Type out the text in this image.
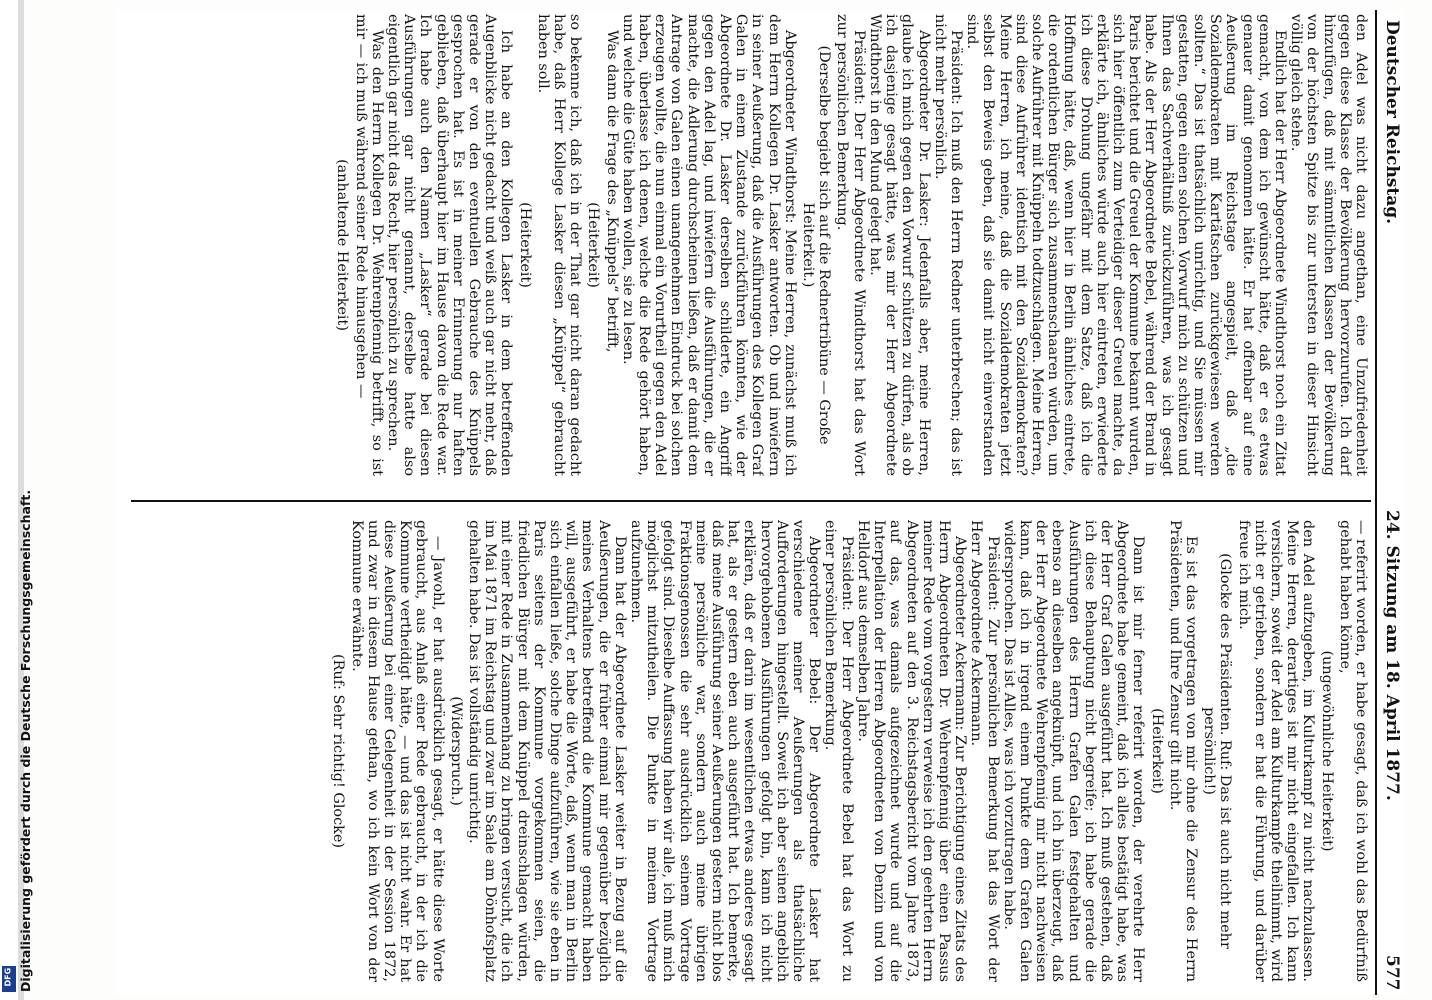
DFG Digitalisierung gefördert durch die Deutsche Forschungsgemeinschaft.
Deutscher Reichstag.
24. Sitzung am 18. April 1877.
577

den Adel was nicht dazu angethan, eine Unzufriedenheit gegen diese Klasse der Bevölkerung hervorzurufen. Ich darf hinzufügen, daß mit sämmtlichen Klassen der Bevölkerung von der höchsten Spitze bis zur untersten in dieser Hinsicht völlig gleich stehe.

Endlich hat der Herr Abgeordnete Windthorst noch ein Zitat gemacht, von dem ich gewünscht hätte, daß er es etwas genauer damit genommen hätte. Er hat offenbar auf eine Aeußerung im Reichstage angespielt, daß „die Sozialdemokraten mit Kartätschen zurückgewiesen werden sollten.“ Das ist thatsächlich unrichtig, und Sie müssen mir gestatten, gegen einen solchen Vorwurf mich zu schützen und Ihnen das Sachverhältniß zurückzuführen, was ich gesagt habe. Als der Herr Abgeordnete Bebel, während der Brand in Paris berichtet und die Greuel der Kommune bekannt wurden, sich hier öffentlich zum Verteidiger dieser Greuel machte, da erklärte ich, ähnliches würde auch hier eintreten, erwiederte ich diese Drohung ungefähr mit dem Satze, daß ich die Hoffnung hätte, daß, wenn hier in Berlin ähnliches eintrete, die ordentlichen Bürger sich zusammenschaaren würden, um solche Aufrührer mit Knüppeln todtzuschlagen. Meine Herren, sind diese Aufrührer identisch mit den Sozialdemokraten? Meine Herren, ich meine, daß die Sozialdemokraten jetzt selbst den Beweis geben, daß sie damit nicht einverstanden sind.

Präsident: Ich muß den Herrn Redner unterbrechen; das ist nicht mehr persönlich.

Abgeordneter Dr. Lasker: Jedenfalls aber, meine Herren, glaube ich mich gegen den Vorwurf schützen zu dürfen, als ob ich dasjenige gesagt hätte, was mir der Herr Abgeordnete Windthorst in den Mund gelegt hat.

Präsident: Der Herr Abgeordnete Windthorst hat das Wort zur persönlichen Bemerkung.

(Derselbe begiebt sich auf die Rednertribüne — Große Heiterkeit.)

Abgeordneter Windthorst: Meine Herren, zunächst muß ich dem Herrn Kollegen Dr. Lasker antworten. Ob und inwiefern in seiner Aeußerung, daß die Ausführungen des Kollegen Graf Galen in einem Zustande zurückführen könnten, wie der Abgeordnete Dr. Lasker derselben schilderte, ein Angriff gegen den Adel lag, und inwiefern die Ausführungen, die er machte, die Adlerung durchscheinen ließen, daß er damit dem Antrage von Galen einen unangenehmen Eindruck bei solchen erzeugen wollte, die nun einmal ein Vorurtheil gegen den Adel haben, überlasse ich denen, welche die Rede gehört haben, und welche die Güte haben wollen, sie zu lesen.

Was dann die Frage des „Knüppels“ betrifft,

(Heiterkeit)

so bekenne ich, daß ich in der That gar nicht daran gedacht habe, daß Herr Kollege Lasker diesen „Knüppel“ gebraucht haben soll.

(Heiterkeit)

Ich habe an den Kollegen Lasker in dem betreffenden Augenblicke nicht gedacht und weiß auch gar nicht mehr, daß gerade er von den eventuellen Gebrauche des Knüppels gesprochen hat. Es ist in meiner Erinnerung nur haften geblieben, daß überhaupt hier im Hause davon die Rede war. Ich habe auch den Namen „Lasker“ gerade bei diesen Ausführungen gar nicht genannt, derselbe hatte also eigentlich gar nicht das Recht, hier persönlich zu sprechen.

Was den Herrn Kollegen Dr. Wehrenpfennig betrifft, so ist mir — ich muß während seiner Rede hinausgehen —

(anhaltende Heiterkeit)

— referirt worden, er habe gesagt, daß ich wohl das Bedürfniß gehabt haben könne,

(ungewöhnliche Heiterkeit)

den Adel aufzugeben, im Kulturkampf zu nicht nachzulassen. Meine Herren, derartiges ist mir nicht eingefallen. Ich kann versichern, soweit der Adel am Kulturkampfe theilnimmt, wird nicht er getrieben, sondern er hat die Führung, und darüber freue ich mich.

(Glocke des Präsidenten. Ruf: Das ist auch nicht mehr persönlich!)

Es ist das vorgetragen von mir ohne die Zensur des Herrn Präsidenten, und Ihre Zensur gilt nicht.

(Heiterkeit)

Dann ist mir ferner referirt worden, der verehrte Herr Abgeordnete habe gemeint, daß ich alles bestätigt habe, was der Herr Graf Galen ausgeführt hat. Ich muß gestehen, daß ich diese Behauptung nicht begreife; ich habe gerade die Ausführungen des Herrn Grafen Galen festgehalten und ebenso an dieselben angeknüpft, und ich bin überzeugt, daß der Herr Abgeordnete Wehrenpfennig mir nicht nachweisen kann, daß ich in irgend einem Punkte dem Grafen Galen widersprochen. Das ist Alles, was ich vorzutragen habe.

Präsident: Zur persönlichen Bemerkung hat das Wort der Herr Abgeordnete Ackermann.

Abgeordneter Ackermann: Zur Berichtigung eines Zitats des Herrn Abgeordneten Dr. Wehrenpfennig über einen Passus meiner Rede vom vorgestern verweise ich den geehrten Herrn Abgeordneten auf den 3. Reichstagsbericht vom Jahre 1873, auf das, was damals aufgezeichnet wurde und auf die Interpellation der Herren Abgeordneten von Denzin und von Helldorf aus demselben Jahre.

Präsident: Der Herr Abgeordnete Bebel hat das Wort zu einer persönlichen Bemerkung.

Abgeordneter Bebel: Der Abgeordnete Lasker hat verschiedene meiner Aeußerungen als thatsächliche Aufforderungen hingestellt. Soweit ich aber seinen angeblich hervorgehobenen Ausführungen gefolgt bin, kann ich nicht erklären, daß er darin im wesentlichen etwas anderes gesagt hat, als er gestern eben auch ausgeführt hat. Ich bemerke, daß meine Ausführung seiner Aeußerungen gestern nicht blos meine persönliche war, sondern auch meine übrigen Fraktionsgenossen die sehr ausdrücklich seinem Vortrage gefolgt sind. Dieselbe Auffassung haben wir alle, ich muß mich möglichst mitzutheilen. Die Punkte in meinem Vortrage aufzunehmen.

Dann hat der Abgeordnete Lasker weiter in Bezug auf die Aeußerungen, die er früher einmal mir gegenüber bezüglich meines Verhaltens betreffend die Kommune gemacht haben will, ausgeführt, er habe die Worte, daß, wenn man in Berlin sich einfallen ließe, solche Dinge aufzuführen, wie sie eben in Paris seitens der Kommune vorgekommen seien, die friedlichen Bürger mit dem Knüppel dreinschlagen würden, mit einer Rede in Zusammenhang zu bringen versucht, die ich im Mai 1871 im Reichstag und zwar im Saale am Dönhofsplatz gehalten habe. Das ist vollständig unrichtig.

(Widerspruch.)

— Jawohl, er hat ausdrücklich gesagt, er hätte diese Worte gebraucht, aus Anlaß einer Rede gebraucht, in der ich die Kommune vertheidigt hätte, — und das ist nicht wahr. Er hat diese Aeußerung bei einer Gelegenheit in der Session 1872, und zwar in diesem Hause gethan, wo ich kein Wort von der Kommune erwähnte.

(Ruf: Sehr richtig! Glocke)
